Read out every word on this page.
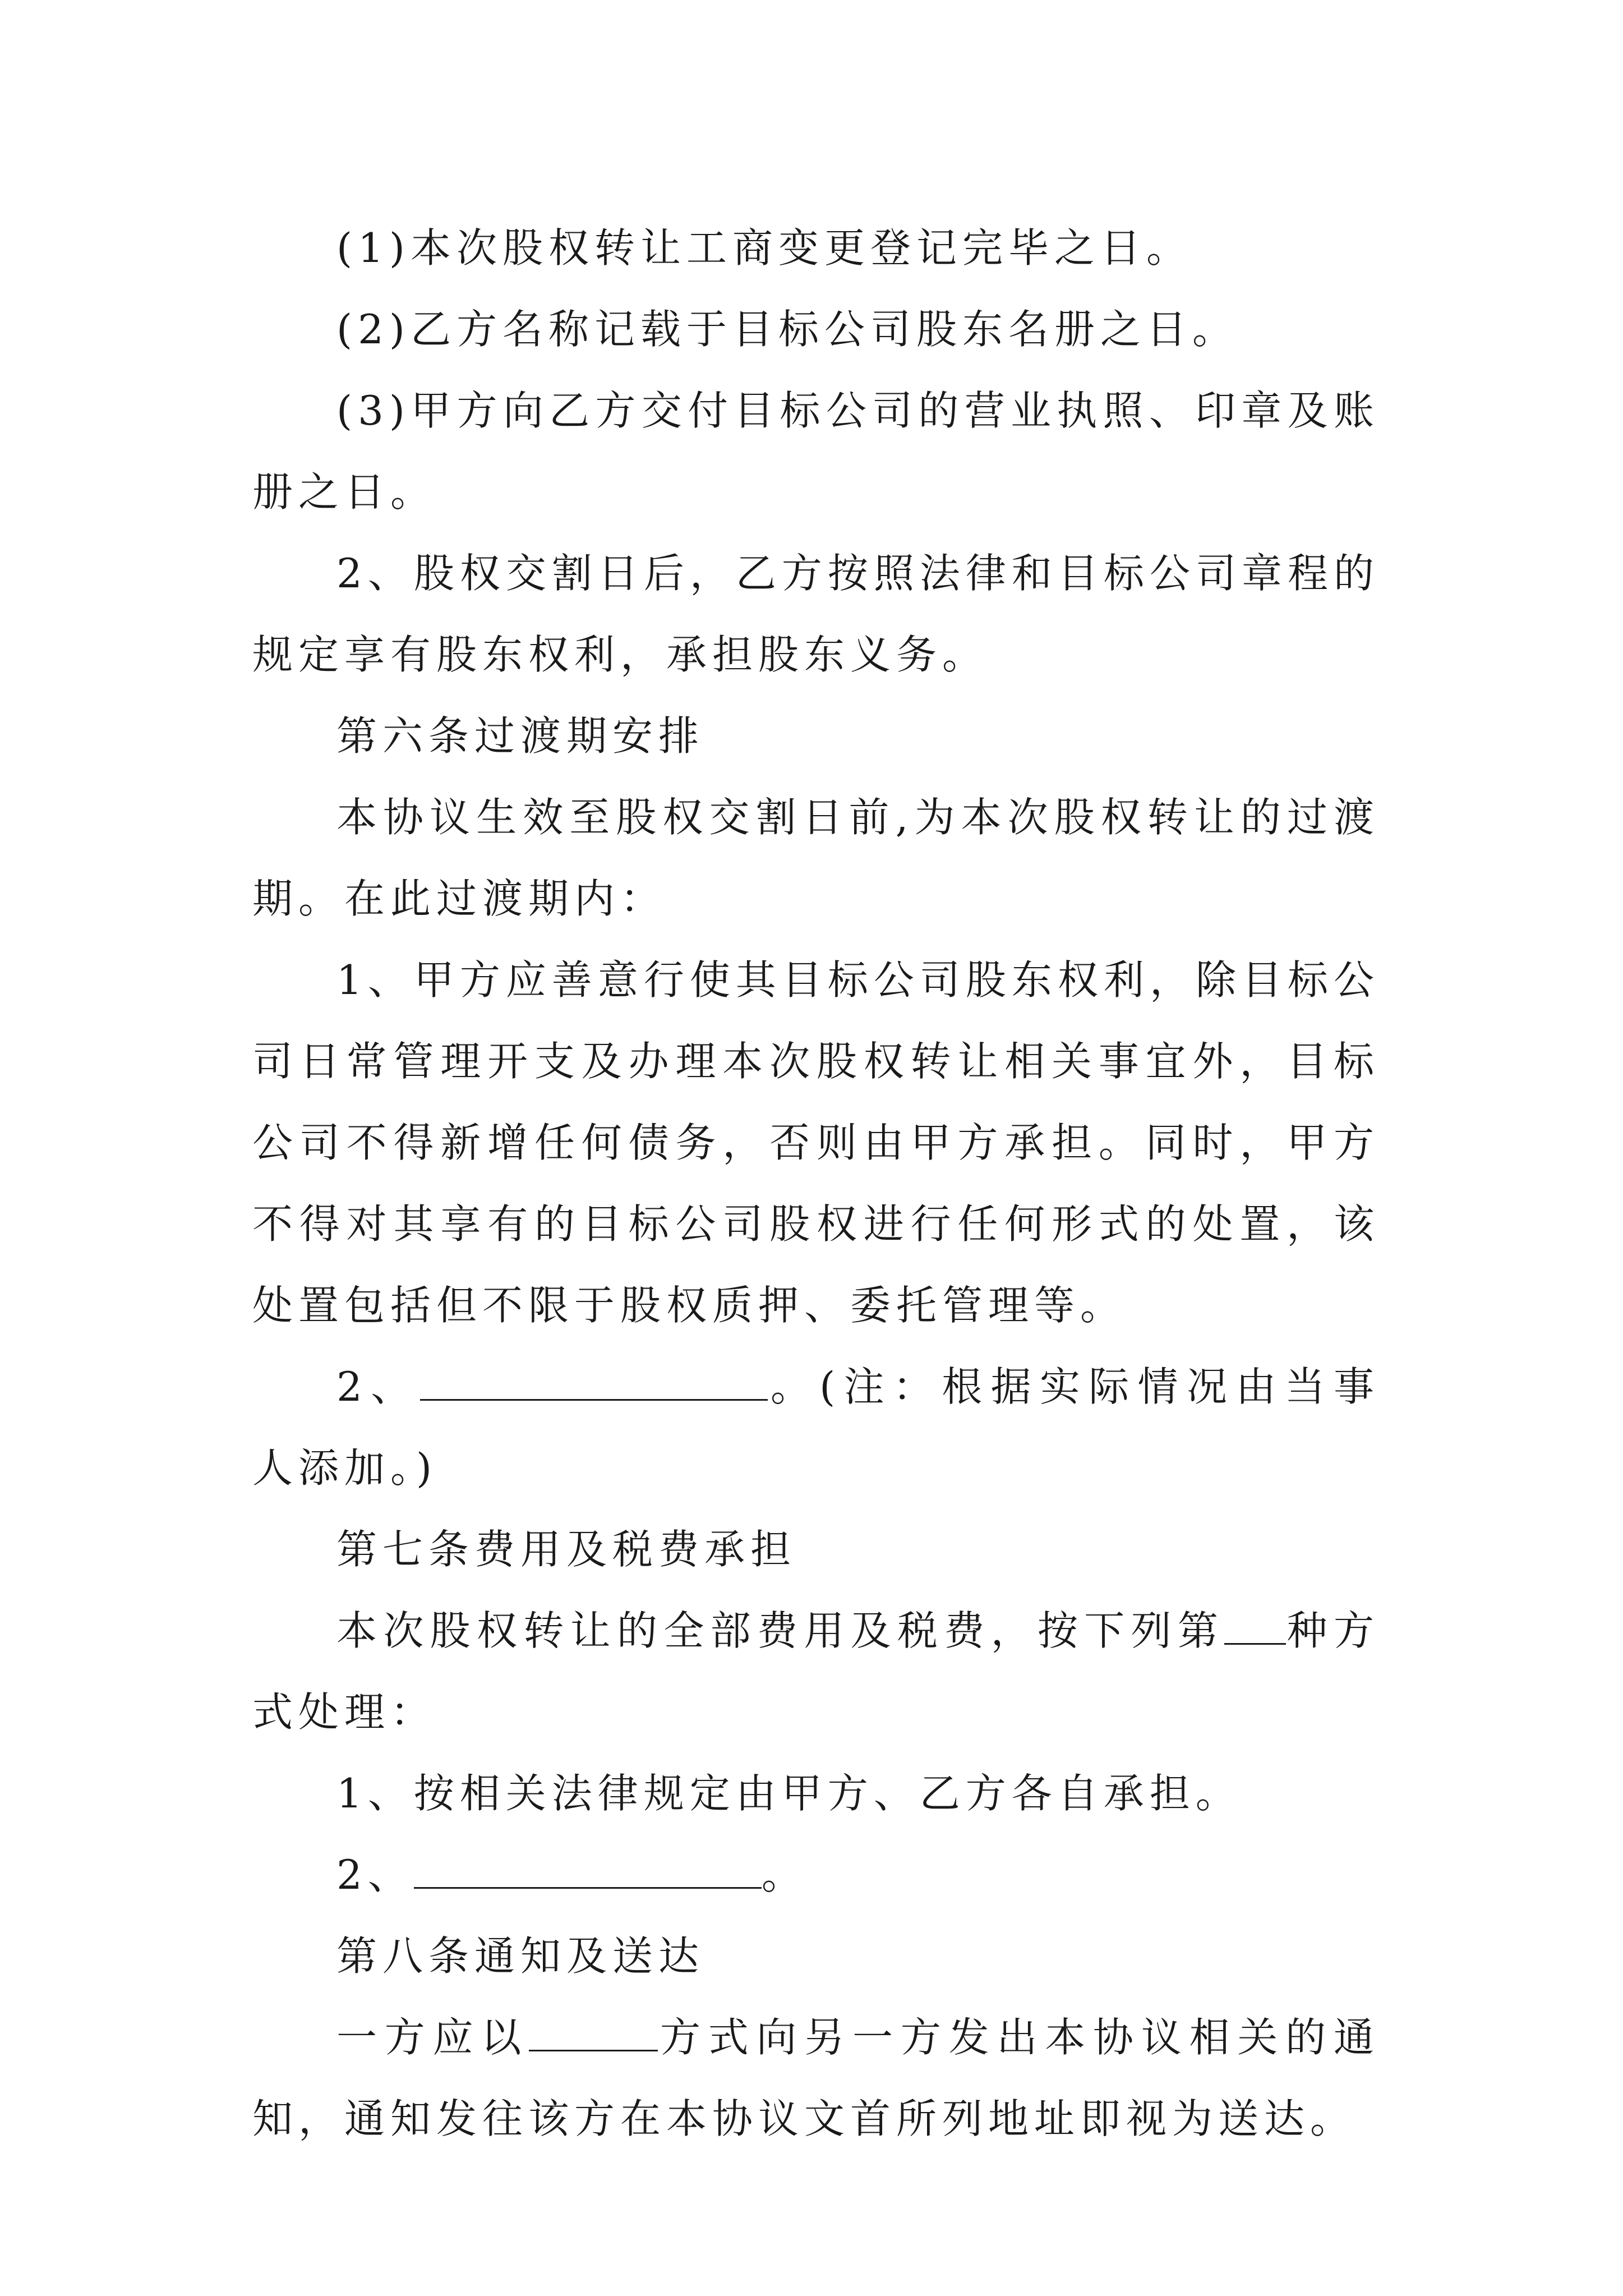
(1)本次股权转让工商变更登记完毕之日。

(2)乙方名称记载于目标公司股东名册之日。

(3)甲方向乙方交付目标公司的营业执照、印章及账册之日。

2、股权交割日后，乙方按照法律和目标公司章程的规定享有股东权利，承担股东义务。

第六条过渡期安排

本协议生效至股权交割日前,为本次股权转让的过渡期。在此过渡期内：

1、甲方应善意行使其目标公司股东权利，除目标公司日常管理开支及办理本次股权转让相关事宜外，目标公司不得新增任何债务，否则由甲方承担。同时，甲方不得对其享有的目标公司股权进行任何形式的处置，该处置包括但不限于股权质押、委托管理等。

2、	。(注：根据实际情况由当事人添加。)

第七条费用及税费承担

本次股权转让的全部费用及税费，按下列第 种方式处理：

1、按相关法律规定由甲方、乙方各自承担。

2、	。

第八条通知及送达

一方应以	方式向另一方发出本协议相关的通知，通知发往该方在本协议文首所列地址即视为送达。
